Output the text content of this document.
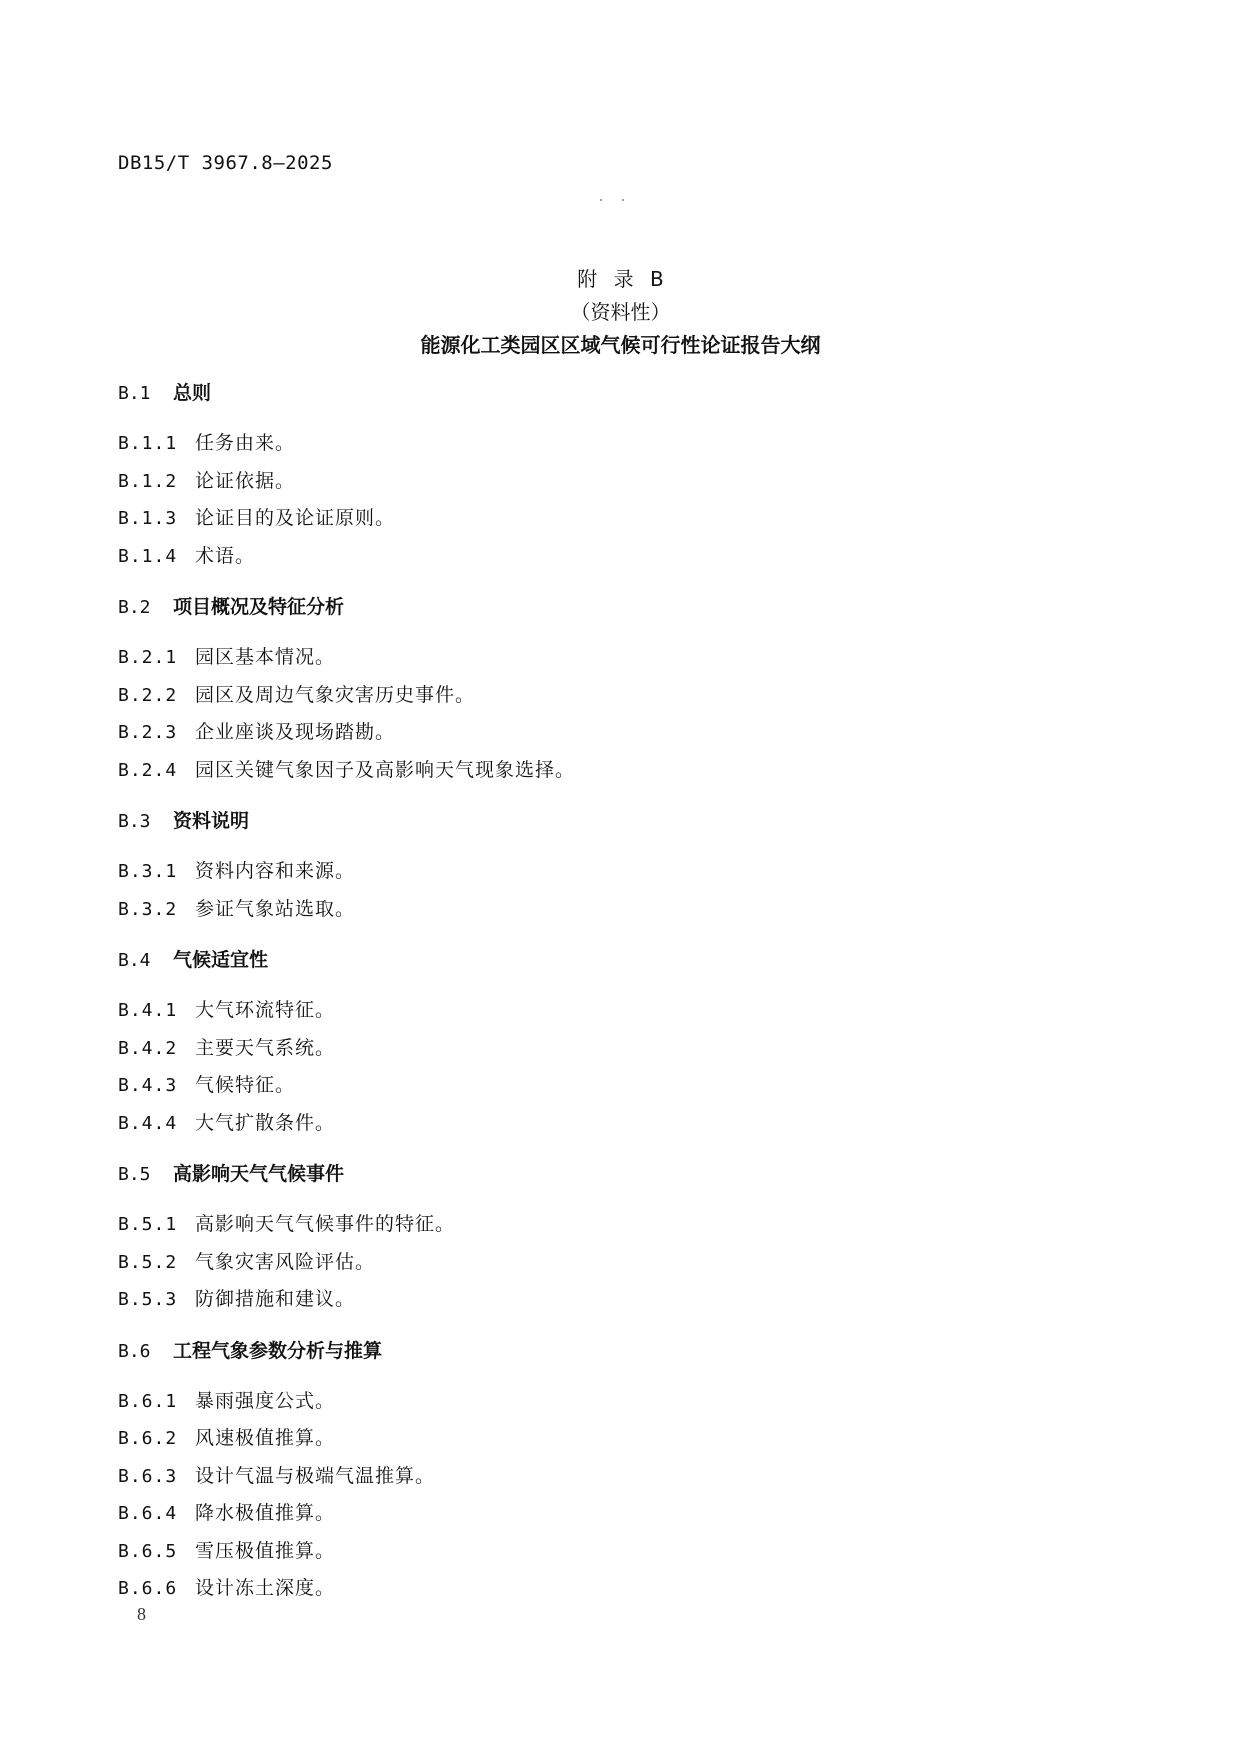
DB15/T 3967.8—2025
附 录 B
（资料性）
能源化工类园区区域气候可行性论证报告大纲
B.1 总则
B.1.1 任务由来。
B.1.2 论证依据。
B.1.3 论证目的及论证原则。
B.1.4 术语。
B.2 项目概况及特征分析
B.2.1 园区基本情况。
B.2.2 园区及周边气象灾害历史事件。
B.2.3 企业座谈及现场踏勘。
B.2.4 园区关键气象因子及高影响天气现象选择。
B.3 资料说明
B.3.1 资料内容和来源。
B.3.2 参证气象站选取。
B.4 气候适宜性
B.4.1 大气环流特征。
B.4.2 主要天气系统。
B.4.3 气候特征。
B.4.4 大气扩散条件。
B.5 高影响天气气候事件
B.5.1 高影响天气气候事件的特征。
B.5.2 气象灾害风险评估。
B.5.3 防御措施和建议。
B.6 工程气象参数分析与推算
B.6.1 暴雨强度公式。
B.6.2 风速极值推算。
B.6.3 设计气温与极端气温推算。
B.6.4 降水极值推算。
B.6.5 雪压极值推算。
B.6.6 设计冻土深度。
8
